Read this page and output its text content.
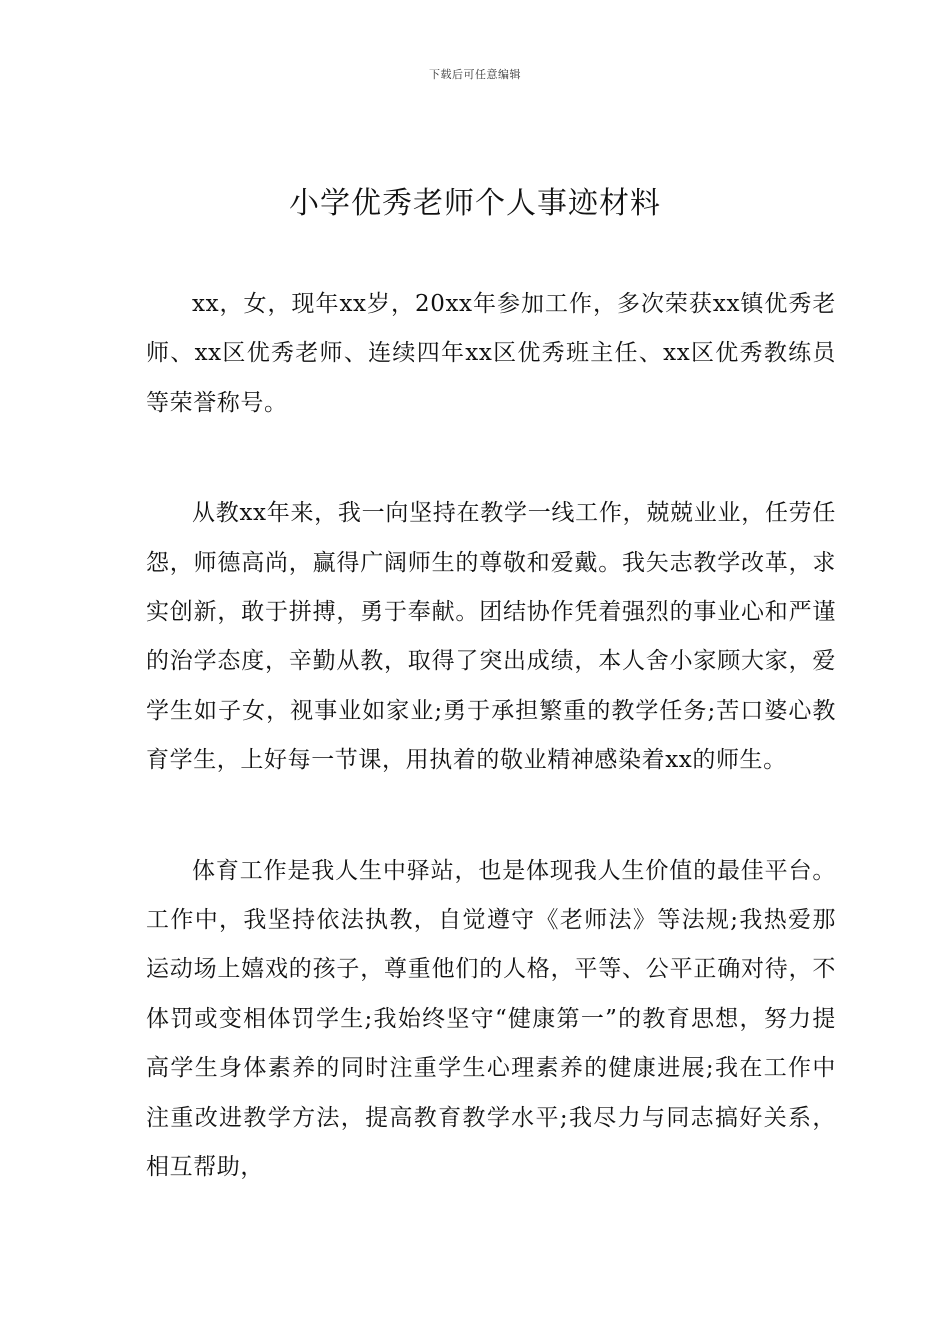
下载后可任意编辑
小学优秀老师个人事迹材料

xx，女，现年xx岁，20xx年参加工作，多次荣获xx镇优秀老师、xx区优秀老师、连续四年xx区优秀班主任、xx区优秀教练员等荣誉称号。

从教xx年来，我一向坚持在教学一线工作，兢兢业业，任劳任怨，师德高尚，赢得广阔师生的尊敬和爱戴。我矢志教学改革，求实创新，敢于拼搏，勇于奉献。团结协作凭着强烈的事业心和严谨的治学态度，辛勤从教，取得了突出成绩，本人舍小家顾大家，爱学生如子女，视事业如家业;勇于承担繁重的教学任务;苦口婆心教育学生，上好每一节课，用执着的敬业精神感染着xx的师生。

体育工作是我人生中驿站，也是体现我人生价值的最佳平台。工作中，我坚持依法执教，自觉遵守《老师法》等法规;我热爱那运动场上嬉戏的孩子，尊重他们的人格，平等、公平正确对待，不体罚或变相体罚学生;我始终坚守“健康第一”的教育思想，努力提高学生身体素养的同时注重学生心理素养的健康进展;我在工作中注重改进教学方法，提高教育教学水平;我尽力与同志搞好关系，相互帮助，
